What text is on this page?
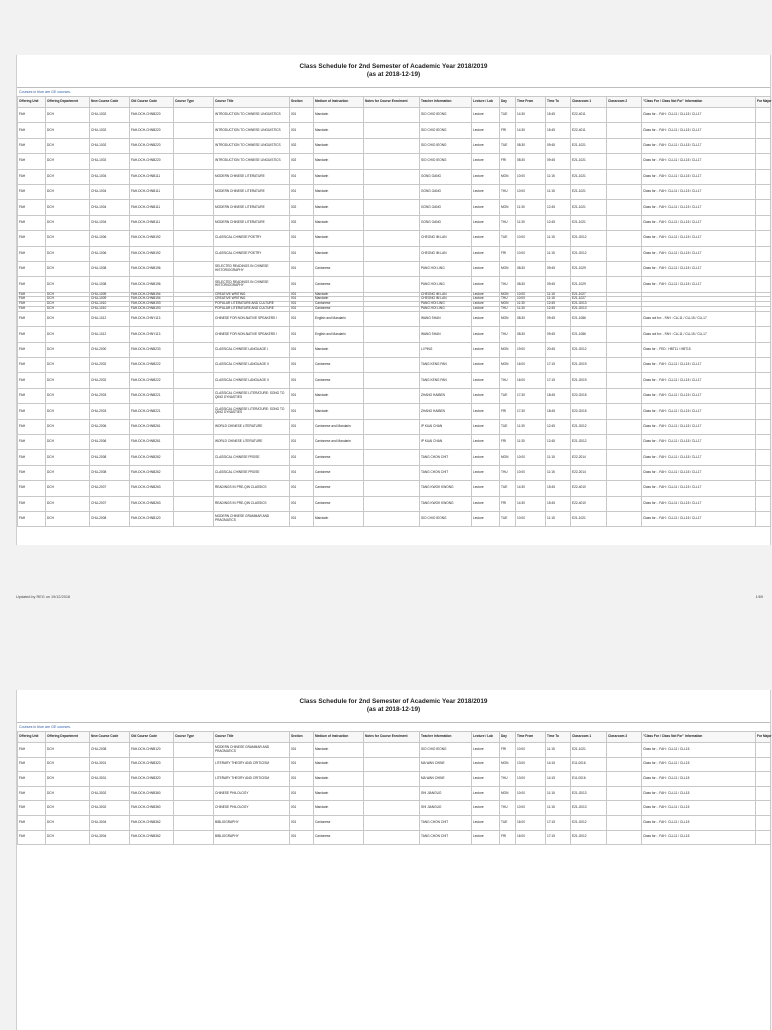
Class Schedule for 2nd Semester of Academic Year 2018/2019
(as at 2018-12-19)
Courses in blue are GE courses.
Offering Unit	Offering Department	New Course Code	Old Course Code	Course Type	Course Title	Section	Medium of Instruction	Notes for Course Enrolment	Teacher Information	Lecture / Lab	Day	Time From	Time To	Classroom 1	Classroom 2	"Class For / Class Not For" Information	For Major
FAH	DCH	CHLL1002	FAH-DCH-CHNB220		INTRODUCTION TO CHINESE LINGUISTICS	001	Mandarin		SIO CHIO IEONG	Lecture	TUE	14:30	15:45	E22-4011		Class for: - FAH : CLL11 / CLL15 / CLL17	
FAH	DCH	CHLL1002	FAH-DCH-CHNB220		INTRODUCTION TO CHINESE LINGUISTICS	001	Mandarin		SIO CHIO IEONG	Lecture	FRI	14:30	15:45	E22-4011		Class for: - FAH : CLL11 / CLL15 / CLL17	
FAH	DCH	CHLL1002	FAH-DCH-CHNB220		INTRODUCTION TO CHINESE LINGUISTICS	002	Mandarin		SIO CHIO IEONG	Lecture	TUE	08:30	09:45	E21-1021		Class for: - FAH : CLL11 / CLL15 / CLL17	
FAH	DCH	CHLL1002	FAH-DCH-CHNB220		INTRODUCTION TO CHINESE LINGUISTICS	002	Mandarin		SIO CHIO IEONG	Lecture	FRI	08:30	09:45	E21-1021		Class for: - FAH : CLL11 / CLL15 / CLL17	
FAH	DCH	CHLL1004	FAH-DCH-CHNB111		MODERN CHINESE LITERATURE	001	Mandarin		GONG GANG	Lecture	MON	10:00	11:15	E21-1021		Class for: - FAH : CLL11 / CLL15 / CLL17	
FAH	DCH	CHLL1004	FAH-DCH-CHNB111		MODERN CHINESE LITERATURE	001	Mandarin		GONG GANG	Lecture	THU	10:00	11:15	E21-1021		Class for: - FAH : CLL11 / CLL15 / CLL17	
FAH	DCH	CHLL1004	FAH-DCH-CHNB111		MODERN CHINESE LITERATURE	002	Mandarin		GONG GANG	Lecture	MON	11:30	12:45	E21-1021		Class for: - FAH : CLL11 / CLL15 / CLL17	
FAH	DCH	CHLL1004	FAH-DCH-CHNB111		MODERN CHINESE LITERATURE	002	Mandarin		GONG GANG	Lecture	THU	11:30	12:45	E21-1021		Class for: - FAH : CLL11 / CLL15 / CLL17	
FAH	DCH	CHLL1006	FAH-DCH-CHNB192		CLASSICAL CHINESE POETRY	001	Mandarin		CHEONG IM LAN	Lecture	TUE	10:00	11:15	E21-G012		Class for: - FAH : CLL11 / CLL15 / CLL17	
FAH	DCH	CHLL1006	FAH-DCH-CHNB192		CLASSICAL CHINESE POETRY	001	Mandarin		CHEONG IM LAN	Lecture	FRI	10:00	11:15	E21-G012		Class for: - FAH : CLL11 / CLL15 / CLL17	
FAH	DCH	CHLL1008	FAH-DCH-CHNB196		SELECTED READINGS IN CHINESE HISTORIOGRAPHY	001	Cantonese		PANG HOI LING	Lecture	MON	08:30	09:45	E21-1029		Class for: - FAH : CLL11 / CLL15 / CLL17	
FAH	DCH	CHLL1008	FAH-DCH-CHNB196		SELECTED READINGS IN CHINESE HISTORIOGRAPHY	001	Cantonese		PANG HOI LING	Lecture	THU	08:30	09:45	E21-1029		Class for: - FAH : CLL11 / CLL15 / CLL17	
FAH	DCH	CHLL1009	FAH-DCH-CHNB194		CREATIVE WRITING	001	Mandarin		CHEONG IM LAN	Lecture	MON	10:00	11:15	E21-1027			
FAH	DCH	CHLL1009	FAH-DCH-CHNB194		CREATIVE WRITING	001	Mandarin		CHEONG IM LAN	Lecture	THU	10:00	11:15	E21-1027			
FAH	DCH	CHLL1010	FAH-DCH-CHNB193		POPULAR LITERATURE AND CULTURE	001	Cantonese		PANG HOI LING	Lecture	MON	11:30	12:45	E21-G013			
FAH	DCH	CHLL1010	FAH-DCH-CHNB193		POPULAR LITERATURE AND CULTURE	001	Cantonese		PANG HOI LING	Lecture	THU	11:30	12:45	E21-G013			
FAH	DCH	CHLL1012	FAH-DCH-CHNY113		CHINESE FOR NON-NATIVE SPEAKERS I	001	English and Mandarin		WANG SHAN	Lecture	MON	08:30	09:45	E21-1086		Class not for: - FAH : CLL11 / CLL15 / CLL17	
FAH	DCH	CHLL1012	FAH-DCH-CHNY113		CHINESE FOR NON-NATIVE SPEAKERS I	001	English and Mandarin		WANG SHAN	Lecture	THU	08:30	09:45	E21-1086		Class not for: - FAH : CLL11 / CLL15 / CLL17	
FAH	DCH	CHLL2000	FAH-DCH-CHNB233		CLASSICAL CHINESE LANGUAGE I	001	Mandarin		LI PING	Lecture	MON	19:00	20:45	E21-G012		Class for: - FED : HBT11 / HBT15	
FAH	DCH	CHLL2002	FAH-DCH-CHNB222		CLASSICAL CHINESE LANGUAGE II	001	Cantonese		TANG KENG PAN	Lecture	MON	16:00	17:15	E21-G019		Class for: - FAH : CLL11 / CLL15 / CLL17	
FAH	DCH	CHLL2002	FAH-DCH-CHNB222		CLASSICAL CHINESE LANGUAGE II	001	Cantonese		TANG KENG PAN	Lecture	THU	16:00	17:15	E21-G019		Class for: - FAH : CLL11 / CLL15 / CLL17	
FAH	DCH	CHLL2003	FAH-DCH-CHNB221		CLASSICAL CHINESE LITERATURE: SONG TO QING DYNASTIES	001	Mandarin		ZHANG HAIBEN	Lecture	TUE	17:30	18:45	E22-G015		Class for: - FAH : CLL11 / CLL15 / CLL17	
FAH	DCH	CHLL2003	FAH-DCH-CHNB221		CLASSICAL CHINESE LITERATURE: SONG TO QING DYNASTIES	001	Mandarin		ZHANG HAIBEN	Lecture	FRI	17:30	18:45	E22-G015		Class for: - FAH : CLL11 / CLL15 / CLL17	
FAH	DCH	CHLL2006	FAH-DCH-CHNB261		WORLD CHINESE LITERATURE	001	Cantonese and Mandarin		IP KUAI CHAN	Lecture	TUE	11:30	12:45	E21-G012		Class for: - FAH : CLL11 / CLL15 / CLL17	
FAH	DCH	CHLL2006	FAH-DCH-CHNB261		WORLD CHINESE LITERATURE	001	Cantonese and Mandarin		IP KUAI CHAN	Lecture	FRI	11:30	12:45	E21-G012		Class for: - FAH : CLL11 / CLL15 / CLL17	
FAH	DCH	CHLL2008	FAH-DCH-CHNB262		CLASSICAL CHINESE PROSE	001	Cantonese		TANG CHON CHIT	Lecture	MON	10:00	11:15	E22-2014		Class for: - FAH : CLL11 / CLL15 / CLL17	
FAH	DCH	CHLL2008	FAH-DCH-CHNB262		CLASSICAL CHINESE PROSE	001	Cantonese		TANG CHON CHIT	Lecture	THU	10:00	11:15	E22-2014		Class for: - FAH : CLL11 / CLL15 / CLL17	
FAH	DCH	CHLL2007	FAH-DCH-CHNB263		READINGS IN PRE-QIN CLASSICS	001	Cantonese		TANG KWOK KWONG	Lecture	TUE	14:30	15:45	E22-4010		Class for: - FAH : CLL11 / CLL15 / CLL17	
FAH	DCH	CHLL2007	FAH-DCH-CHNB263		READINGS IN PRE-QIN CLASSICS	001	Cantonese		TANG KWOK KWONG	Lecture	FRI	14:30	15:45	E22-4010		Class for: - FAH : CLL11 / CLL15 / CLL17	
FAH	DCH	CHLL2008	FAH-DCH-CHNB120		MODERN CHINESE GRAMMAR AND PRAGMATICS	001	Mandarin		SIO CHIO IEONG	Lecture	TUE	10:00	11:15	E21-1021		Class for: - FAH : CLL11 / CLL15 / CLL17	
Updated by REG on 19/12/2018	1/69
Class Schedule for 2nd Semester of Academic Year 2018/2019
(as at 2018-12-19)
Courses in blue are GE courses.
Offering Unit	Offering Department	New Course Code	Old Course Code	Course Type	Course Title	Section	Medium of Instruction	Notes for Course Enrolment	Teacher Information	Lecture / Lab	Day	Time From	Time To	Classroom 1	Classroom 2	"Class For / Class Not For" Information	For Major
FAH	DCH	CHLL2008	FAH-DCH-CHNB120		MODERN CHINESE GRAMMAR AND PRAGMATICS	001	Mandarin		SIO CHIO IEONG	Lecture	FRI	10:00	11:15	E21-1021		Class for: - FAH : CLL11 / CLL15	
FAH	DCH	CHLL3001	FAH-DCH-CHNB320		LITERARY THEORY AND CRITICISM	001	Mandarin		MA WAN CHINE	Lecture	MON	13:00	14:15	E11-0016		Class for: - FAH : CLL11 / CLL15	
FAH	DCH	CHLL3001	FAH-DCH-CHNB320		LITERARY THEORY AND CRITICISM	001	Mandarin		MA WAN CHINE	Lecture	THU	13:00	14:15	E11-0016		Class for: - FAH : CLL11 / CLL15	
FAH	DCH	CHLL3002	FAH-DCH-CHNB360		CHINESE PHILOLOGY	001	Mandarin		SHI JIANGUO	Lecture	MON	10:00	11:15	E21-G013		Class for: - FAH : CLL11 / CLL15	
FAH	DCH	CHLL3002	FAH-DCH-CHNB360		CHINESE PHILOLOGY	001	Mandarin		SHI JIANGUO	Lecture	THU	10:00	11:15	E21-G013		Class for: - FAH : CLL11 / CLL15	
FAH	DCH	CHLL3004	FAH-DCH-CHNB362		BIBLIOGRAPHY	001	Cantonese		TANG CHON CHIT	Lecture	TUE	16:00	17:15	E21-G012		Class for: - FAH : CLL11 / CLL15	
FAH	DCH	CHLL3004	FAH-DCH-CHNB362		BIBLIOGRAPHY	001	Cantonese		TANG CHON CHIT	Lecture	FRI	16:00	17:15	E21-G012		Class for: - FAH : CLL11 / CLL15	
